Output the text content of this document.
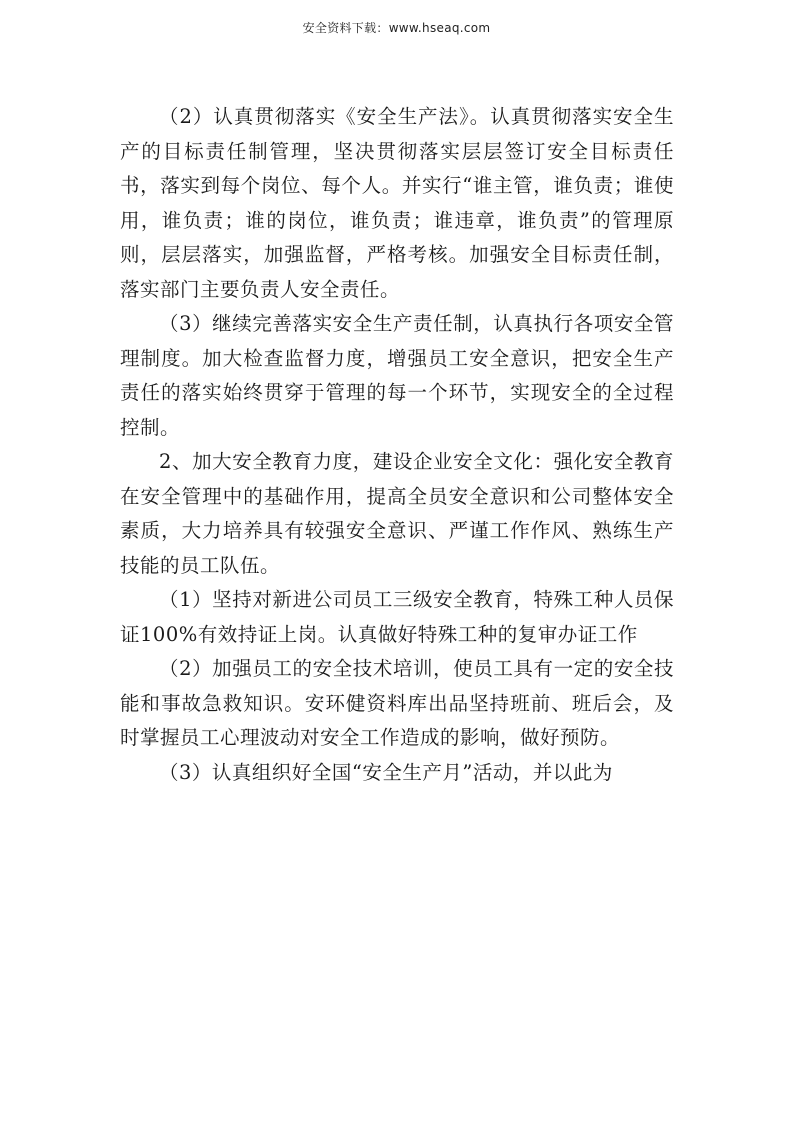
安全资料下载：www.hseaq.com

（2）认真贯彻落实《安全生产法》。认真贯彻落实安全生产的目标责任制管理，坚决贯彻落实层层签订安全目标责任书，落实到每个岗位、每个人。并实行“谁主管，谁负责；谁使用，谁负责；谁的岗位，谁负责；谁违章，谁负责”的管理原则，层层落实，加强监督，严格考核。加强安全目标责任制，落实部门主要负责人安全责任。

（3）继续完善落实安全生产责任制，认真执行各项安全管理制度。加大检查监督力度，增强员工安全意识，把安全生产责任的落实始终贯穿于管理的每一个环节，实现安全的全过程控制。

2、加大安全教育力度，建设企业安全文化：强化安全教育在安全管理中的基础作用，提高全员安全意识和公司整体安全素质，大力培养具有较强安全意识、严谨工作作风、熟练生产技能的员工队伍。

（1）坚持对新进公司员工三级安全教育，特殊工种人员保证100%有效持证上岗。认真做好特殊工种的复审办证工作

（2）加强员工的安全技术培训，使员工具有一定的安全技能和事故急救知识。安环健资料库出品坚持班前、班后会，及时掌握员工心理波动对安全工作造成的影响，做好预防。

（3）认真组织好全国“安全生产月”活动，并以此为
